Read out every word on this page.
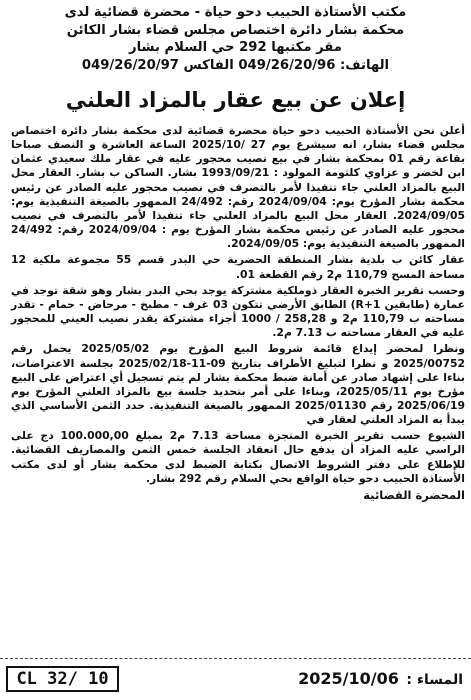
مكتب الأستاذة الحبيب دحو حياة - محضرة قضائية لدى
محكمة بشار دائرة اختصاص مجلس قضاء بشار الكائن
مقر مكتبها 292 حي السلام بشار
الهاتف: 049/26/20/96 الفاكس 049/26/20/97
إعلان عن بيع عقار بالمزاد العلني

أعلن نحن الأستاذة الحبيب دحو حياة محضرة قضائية لدى محكمة بشار دائرة اختصاص مجلس قضاء بشار، انه سيشرع يوم 27 /2025/10 الساعة العاشرة و النصف صباحا بقاعة رقم 01 بمحكمة بشار في بيع نصيب محجور عليه في عقار ملك سعيدي عثمان ابن لخضر و عزاوي كلثومة المولود : 1993/09/21 بشار. الساكن ب بشار. العقار محل البيع بالمزاد العلني جاء تنفيذا لأمر بالتصرف في نصيب محجور عليه الصادر عن رئيس محكمة بشار المؤرخ يوم: 2024/09/04 رقم: 24/492 الممهور بالصيغة التنفيذية يوم: 2024/09/05. العقار محل البيع بالمزاد العلني جاء تنفيذا لأمر بالتصرف في نصيب محجور عليه الصادر عن رئيس محكمة بشار المؤرخ يوم : 2024/09/04 رقم: 24/492 الممهور بالصيغة التنفيذية يوم: 2024/09/05.

عقار كائن ب بلدية بشار المنطقة الحضرية حي البدر قسم 55 مجموعة ملكية 12 مساحة المسح 110,79 م2 رقم القطعة 01.

وحسب تقرير الخبرة العقار ذوملكية مشتركة يوجد بحي البدر بشار وهو شقة توجد في عمارة (طابقين R+1) الطابق الأرضي تتكون 03 غرف - مطبخ - مرحاض - حمام - تقدر مساحته ب 110,79 م2 و 258,28 / 1000 أجزاء مشتركة يقدر نصيب العيني للمحجور عليه في العقار مساحته ب 7.13 م2.

ونظرا لمحضر إيداع قائمة شروط البيع المؤرخ يوم 2025/05/02 يحمل رقم 2025/00752 و نظرا لتبليغ الأطراف بتاريخ 09-11-2025/02/18 بجلسة الاعتراضات، بناءا على إشهاد صادر عن أمانة ضبط محكمة بشار لم يتم تسجيل أي اعتراض على البيع مؤرخ يوم 2025/05/11، وبناءا على أمر بتحديد جلسة بيع بالمزاد العلني المؤرخ يوم 2025/06/19 رقم 2025/01130 الممهور بالصيغة التنفيذية. حدد الثمن الأساسي الذي يبدأ به المزاد العلني لعقار في

الشيوع حسب تقرير الخبرة المنجزة مساحة 7.13 م2 بمبلغ 100.000,00 دج على الراسي عليه المزاد أن يدفع حال انعقاد الجلسة خمس الثمن والمصاريف القضائية. للإطلاع على دفتر الشروط الاتصال بكتابة الضبط لدى محكمة بشار أو لدى مكتب الأستاذة الحبيب دحو حياة الواقع بحي السلام رقم 292 بشار.

المحضرة القضائية
CL 32/ 10	المساء : 2025/10/06
